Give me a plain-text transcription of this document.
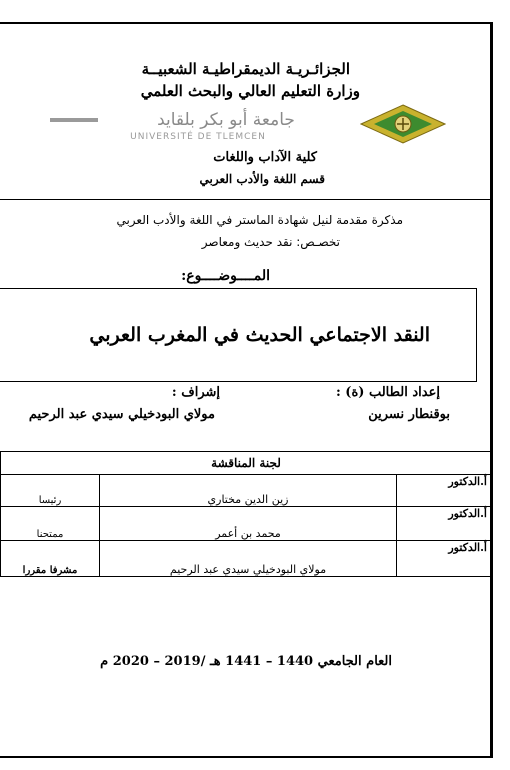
الجزائـريـة الديمقراطيـة الشعبيــة
وزارة التعليم العالي والبحث العلمي
جامعة أبو بكر بلقايد
UNIVERSITÉ DE TLEMCEN
كلية الآداب واللغات
قسم اللغة والأدب العربي
مذكرة مقدمة لنيل شهادة الماستر في اللغة والأدب العربي
تخصـص: نقد حديث ومعاصر
المــــوضــــوع:
النقد الاجتماعي الحديث في المغرب العربي
إعداد الطالب (ة) :
إشراف :
بوقنطار نسرين
مولاي البودخيلي سيدي عبد الرحيم
لجنة المناقشة		
أ.الدكتور	زين الدين مختاري	رئيسا
أ.الدكتور	محمد بن أعمر	ممتحنا
أ.الدكتور	مولاي البودخيلي سيدي عبد الرحيم	مشرفا مقررا
العام الجامعي 1440 – 1441 هـ /2019 – 2020 م
